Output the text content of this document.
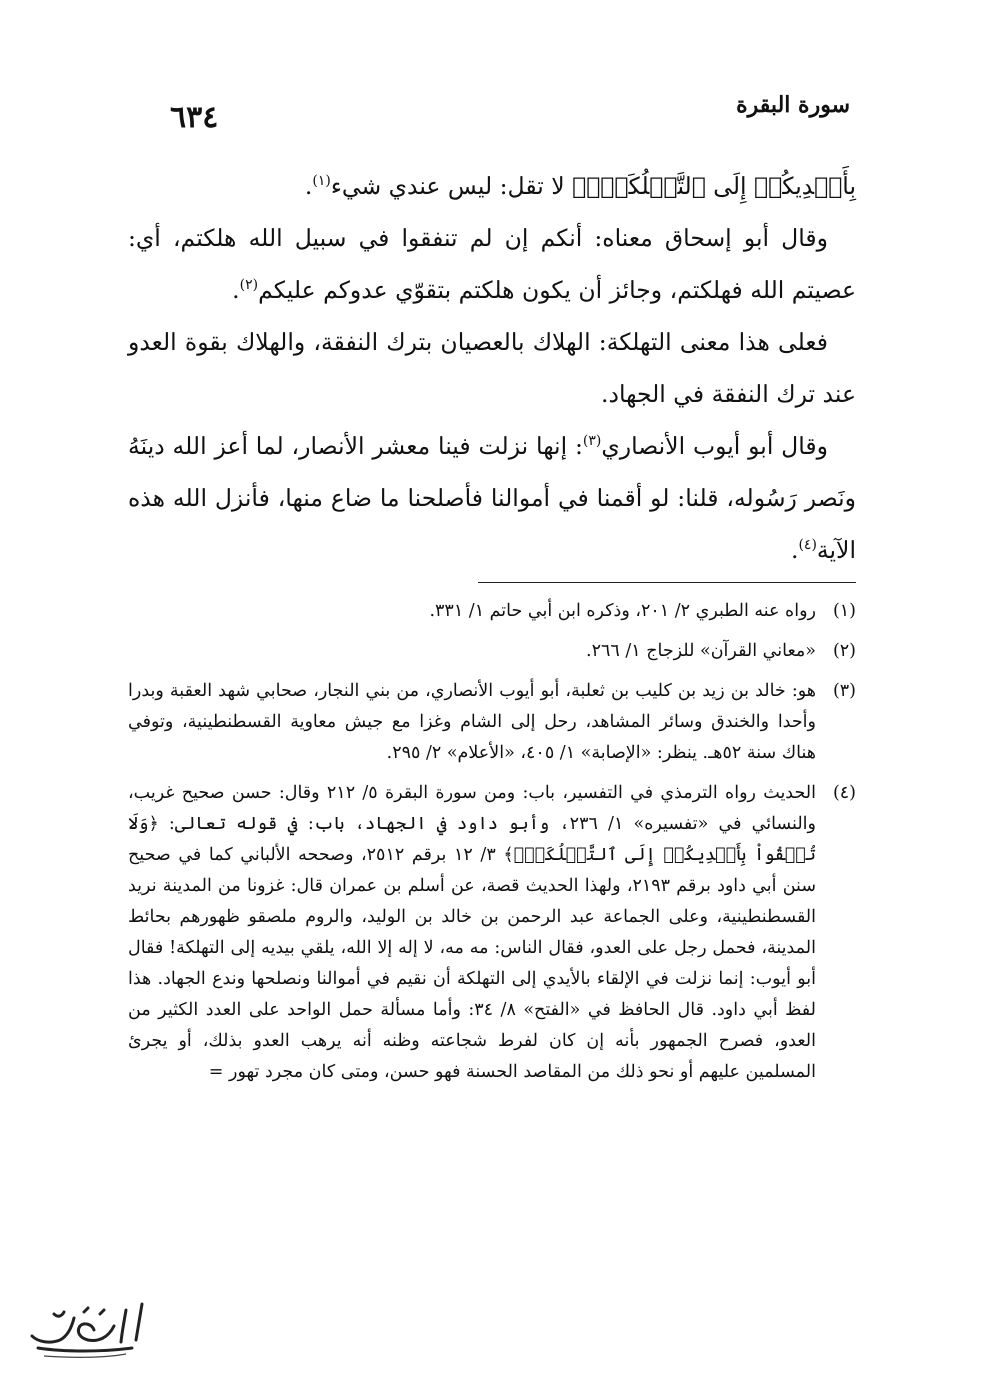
سورة البقرة
٦٣٤

بِأَيۡدِيكُمۡ إِلَى ٱلتَّهۡلُكَةِۛ﴾ لا تقل: ليس عندي شيء$^{(١)}$.

وقال أبو إسحاق معناه: أنكم إن لم تنفقوا في سبيل الله هلكتم، أي: عصيتم الله فهلكتم، وجائز أن يكون هلكتم بتقوّي عدوكم عليكم$^{(٢)}$.

فعلى هذا معنى التهلكة: الهلاك بالعصيان بترك النفقة، والهلاك بقوة العدو عند ترك النفقة في الجهاد.

وقال أبو أيوب الأنصاري$^{(٣)}$: إنها نزلت فينا معشر الأنصار، لما أعز الله دينَهُ ونَصر رَسُوله، قلنا: لو أقمنا في أموالنا فأصلحنا ما ضاع منها، فأنزل الله هذه الآية$^{(٤)}$.

(١)
رواه عنه الطبري ٢/ ٢٠١، وذكره ابن أبي حاتم ١/ ٣٣١.
(٢)
«معاني القرآن» للزجاج ١/ ٢٦٦.
(٣)
هو: خالد بن زيد بن كليب بن ثعلبة، أبو أيوب الأنصاري، من بني النجار، صحابي شهد العقبة وبدرا وأحدا والخندق وسائر المشاهد، رحل إلى الشام وغزا مع جيش معاوية القسطنطينية، وتوفي هناك سنة ٥٢هـ. ينظر: «الإصابة» ١/ ٤٠٥، «الأعلام» ٢/ ٢٩٥.
(٤)
الحديث رواه الترمذي في التفسير، باب: ومن سورة البقرة ٥/ ٢١٢ وقال: حسن صحيح غريب، والنسائي في «تفسيره» ١/ ٢٣٦، وأبو داود في الجهاد، باب: في قوله تعالى: ﴿وَلَا تُلۡقُواْ بِأَيۡدِيكُمۡ إِلَى ٱلتَّهۡلُكَةِۛ﴾ ٣/ ١٢ برقم ٢٥١٢، وصححه الألباني كما في صحيح سنن أبي داود برقم ٢١٩٣، ولهذا الحديث قصة، عن أسلم بن عمران قال: غزونا من المدينة نريد القسطنطينية، وعلى الجماعة عبد الرحمن بن خالد بن الوليد، والروم ملصقو ظهورهم بحائط المدينة، فحمل رجل على العدو، فقال الناس: مه مه، لا إله إلا الله، يلقي بيديه إلى التهلكة! فقال أبو أيوب: إنما نزلت في الإلقاء بالأيدي إلى التهلكة أن نقيم في أموالنا ونصلحها وندع الجهاد. هذا لفظ أبي داود. قال الحافظ في «الفتح» ٨/ ٣٤: وأما مسألة حمل الواحد على العدد الكثير من العدو، فصرح الجمهور بأنه إن كان لفرط شجاعته وظنه أنه يرهب العدو بذلك، أو يجرئ المسلمين عليهم أو نحو ذلك من المقاصد الحسنة فهو حسن، ومتى كان مجرد تهور =
